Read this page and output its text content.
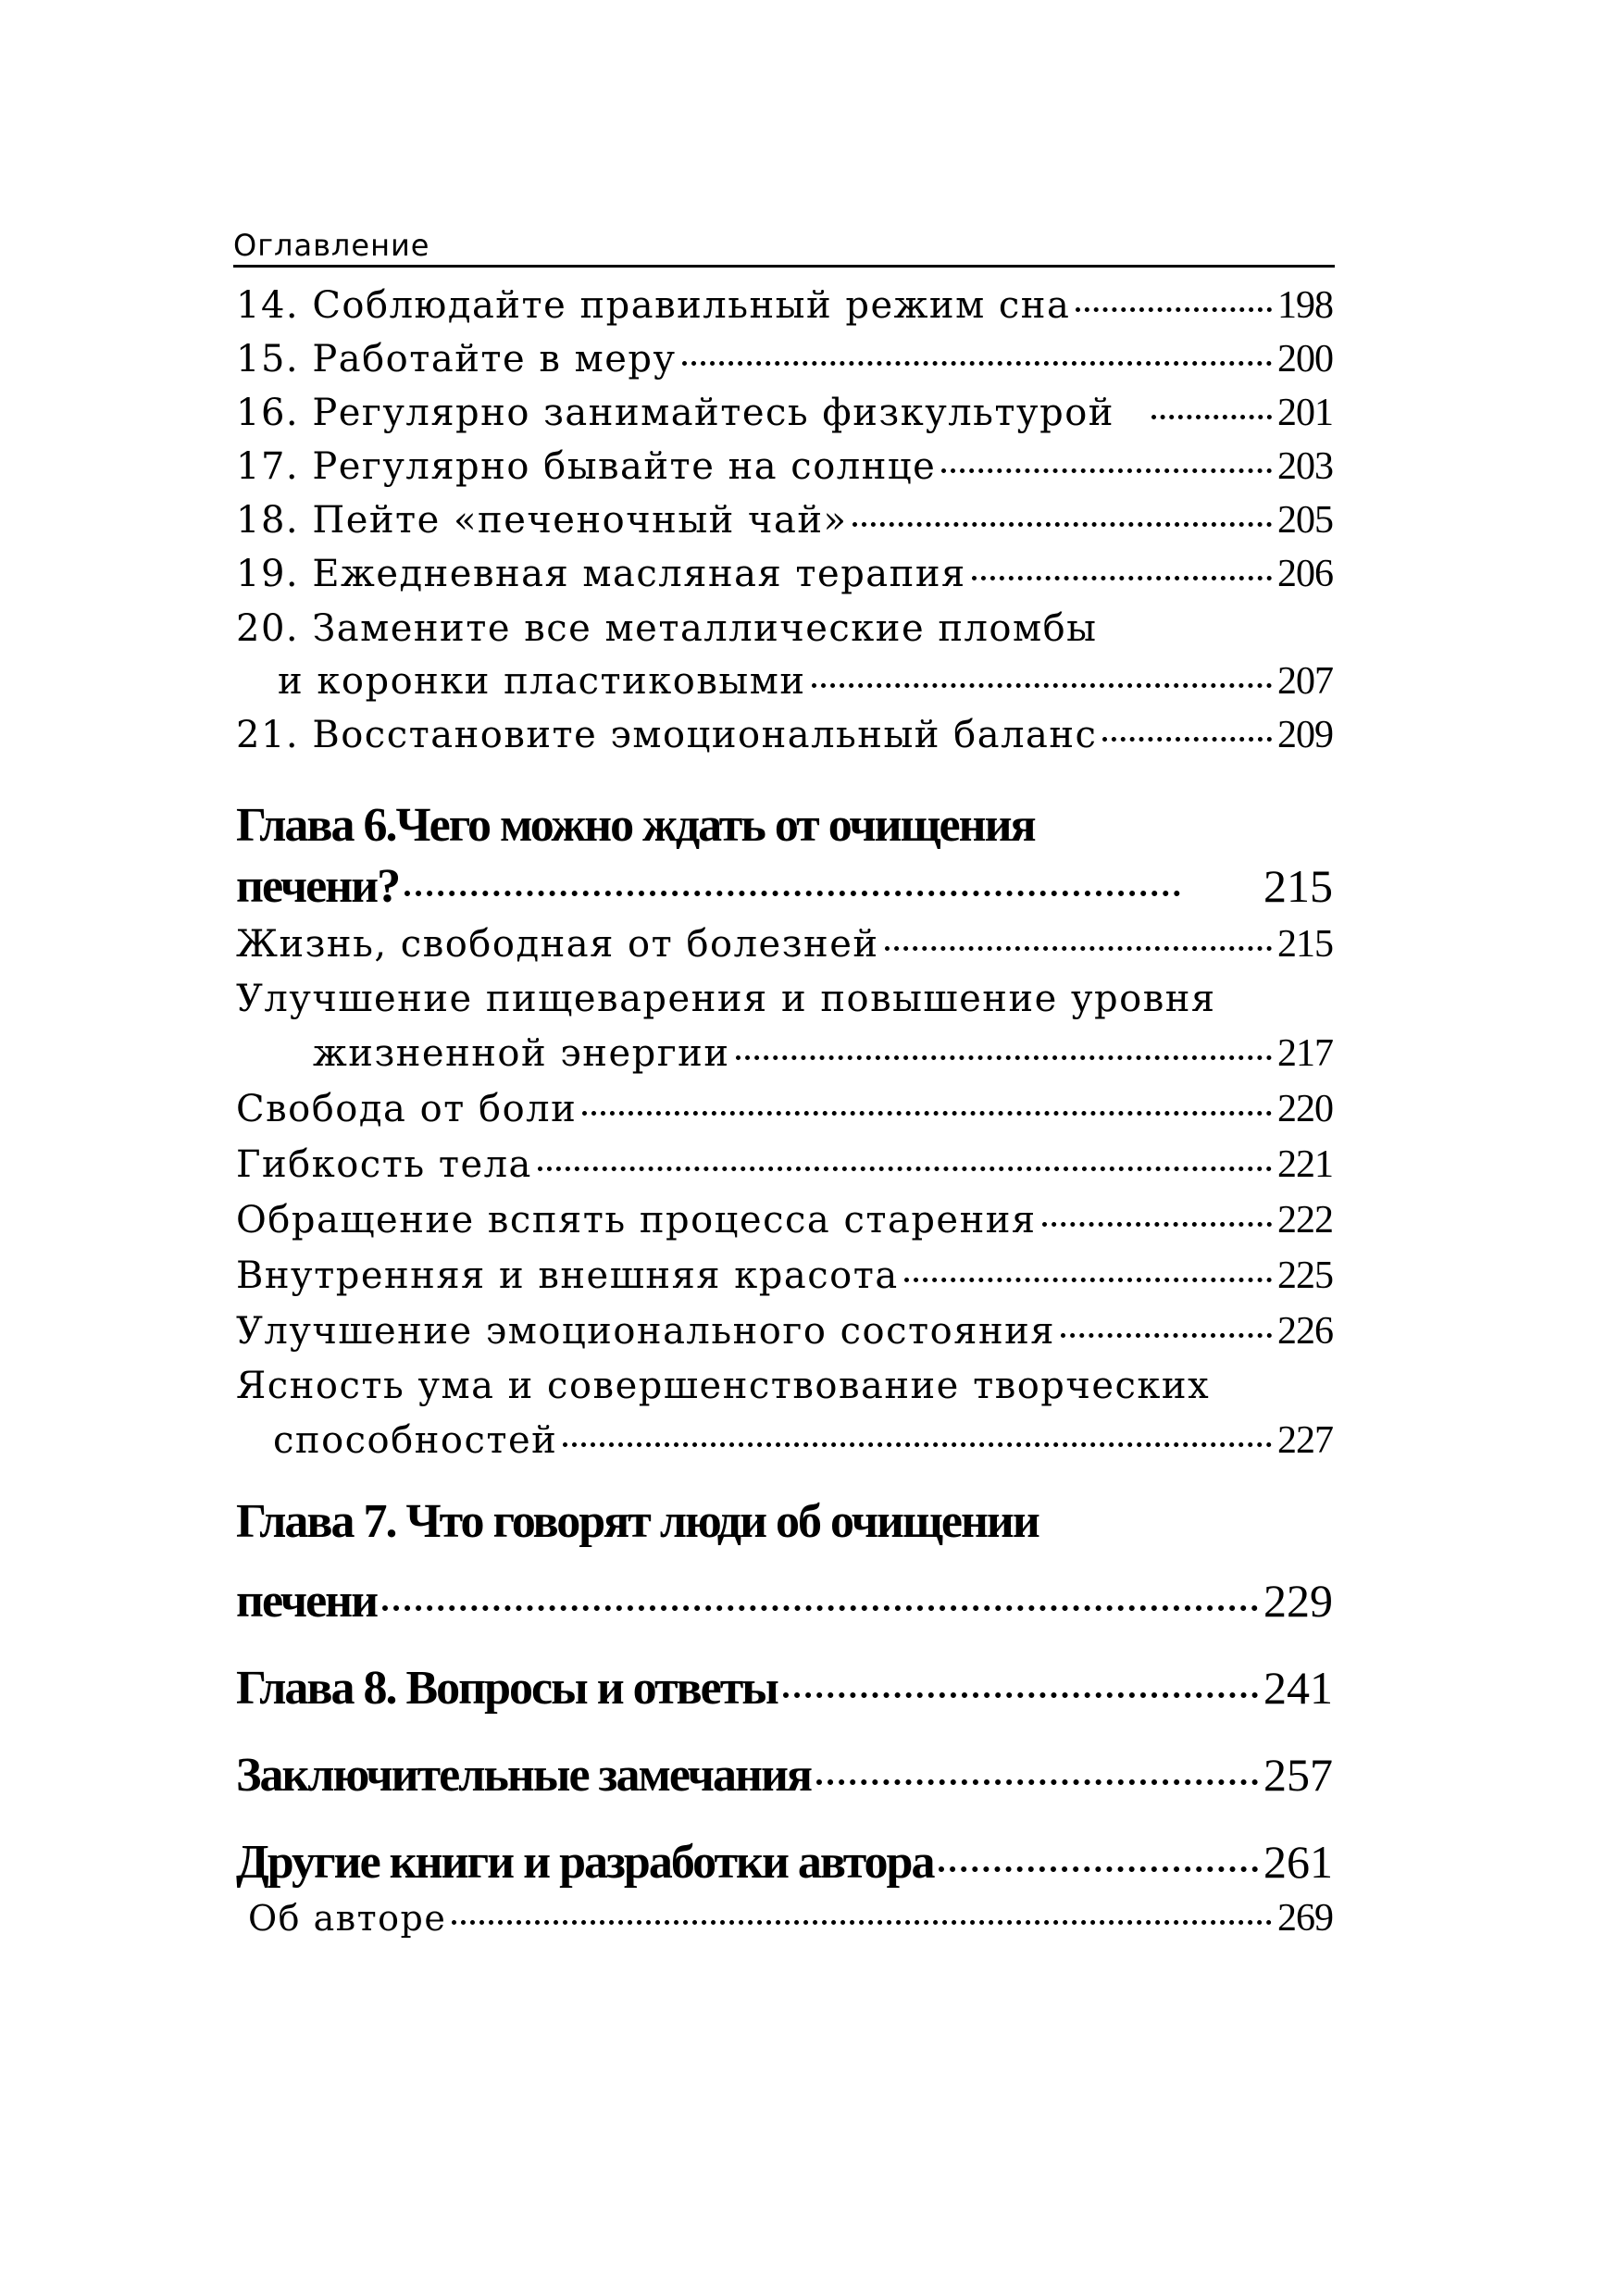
Оглавление
14. Соблюдайте правильный режим сна	198
15. Работайте в меру	200
16. Регулярно занимайтесь физкультурой	201
17. Регулярно бывайте на солнце	203
18. Пейте «печеночный чай»	205
19. Ежедневная масляная терапия	206
20. Замените все металлические пломбы
и коронки пластиковыми	207
21. Восстановите эмоциональный баланс	209
Глава 6.Чего можно ждать от очищения
печени?	215
Жизнь, свободная от болезней	215
Улучшение пищеварения и повышение уровня
жизненной энергии	217
Свобода от боли	220
Гибкость тела	221
Обращение вспять процесса старения	222
Внутренняя и внешняя красота	225
Улучшение эмоционального состояния	226
Ясность ума и совершенствование творческих
способностей	227
Глава 7. Что говорят люди об очищении
печени	229
Глава 8. Вопросы и ответы	241
Заключительные замечания	257
Другие книги и разработки автора	261
Об авторе	269
